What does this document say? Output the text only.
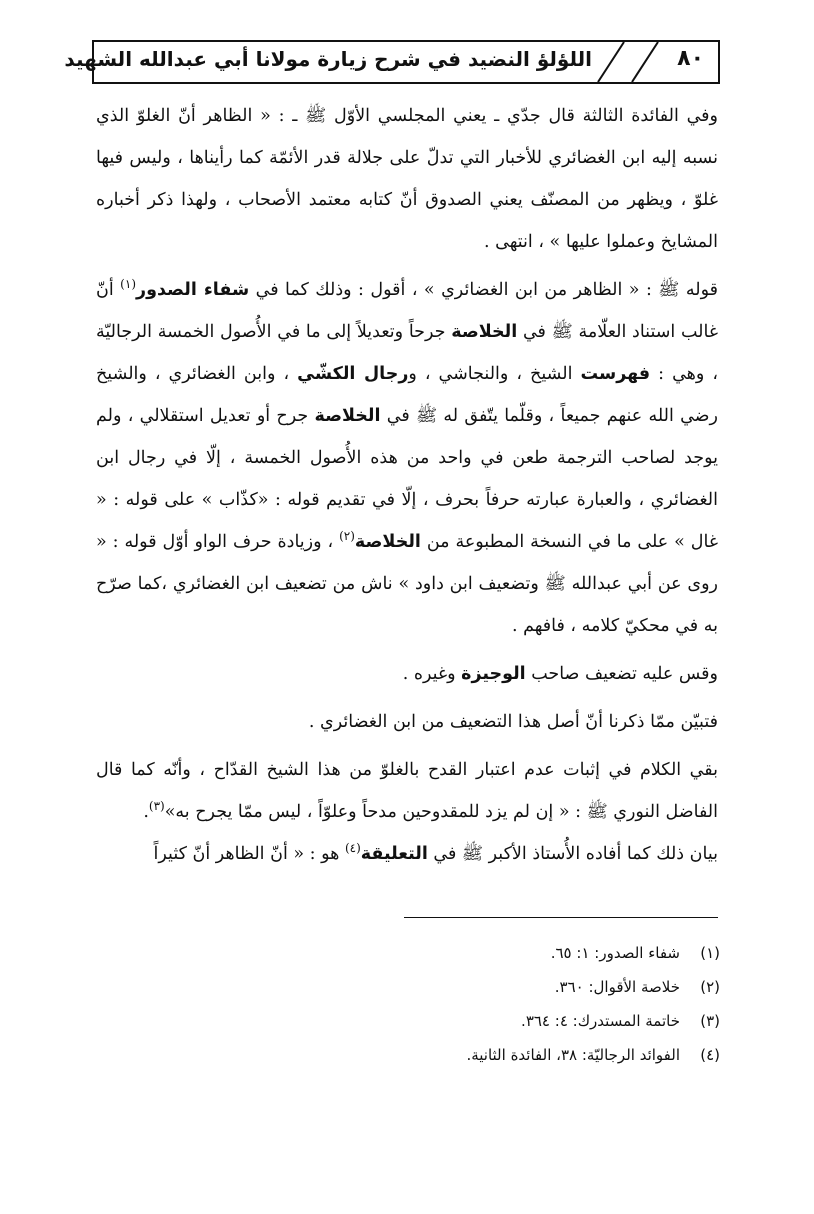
٨٠
اللؤلؤ النضيد في شرح زيارة مولانا أبي عبدالله الشهيد

وفي الفائدة الثالثة قال جدّي ـ يعني المجلسي الأوّل ﷺ ـ : « الظاهر أنّ الغلوّ الذي نسبه إليه ابن الغضائري للأخبار التي تدلّ على جلالة قدر الأئمّة كما رأيناها ، وليس فيها غلوّ ، ويظهر من المصنّف يعني الصدوق أنّ كتابه معتمد الأصحاب ، ولهذا ذكر أخباره المشايخ وعملوا عليها » ، انتهى .

قوله ﷺ : « الظاهر من ابن الغضائري » ، أقول : وذلك كما في شفاء الصدور$^{(١)}$ أنّ غالب استناد العلّامة ﷺ في الخلاصة جرحاً وتعديلاً إلى ما في الأُصول الخمسة الرجاليّة ، وهي : فهرست الشيخ ، والنجاشي ، ورجال الكشّي ، وابن الغضائري ، والشيخ رضي الله عنهم جميعاً ، وقلّما يتّفق له ﷺ في الخلاصة جرح أو تعديل استقلالي ، ولم يوجد لصاحب الترجمة طعن في واحد من هذه الأُصول الخمسة ، إلّا في رجال ابن الغضائري ، والعبارة عبارته حرفاً بحرف ، إلّا في تقديم قوله : «كذّاب » على قوله : « غال » على ما في النسخة المطبوعة من الخلاصة$^{(٢)}$ ، وزيادة حرف الواو أوّل قوله : « روى عن أبي عبدالله ﷺ وتضعيف ابن داود » ناش من تضعيف ابن الغضائري ،كما صرّح به في محكيّ كلامه ، فافهم .

وقس عليه تضعيف صاحب الوجيزة وغيره .

فتبيّن ممّا ذكرنا أنّ أصل هذا التضعيف من ابن الغضائري .

بقي الكلام في إثبات عدم اعتبار القدح بالغلوّ من هذا الشيخ القدّاح ، وأنّه كما قال الفاضل النوري ﷺ : « إن لم يزد للمقدوحين مدحاً وعلوّاً ، ليس ممّا يجرح به»$^{(٣)}$.

بيان ذلك كما أفاده الأُستاذ الأكبر ﷺ في التعليقة$^{(٤)}$ هو : « أنّ الظاهر أنّ كثيراً

(١)شفاء الصدور: ١: ٦٥.
(٢)خلاصة الأقوال: ٣٦٠.
(٣)خاتمة المستدرك: ٤: ٣٦٤.
(٤)الفوائد الرجاليّة: ٣٨، الفائدة الثانية.
